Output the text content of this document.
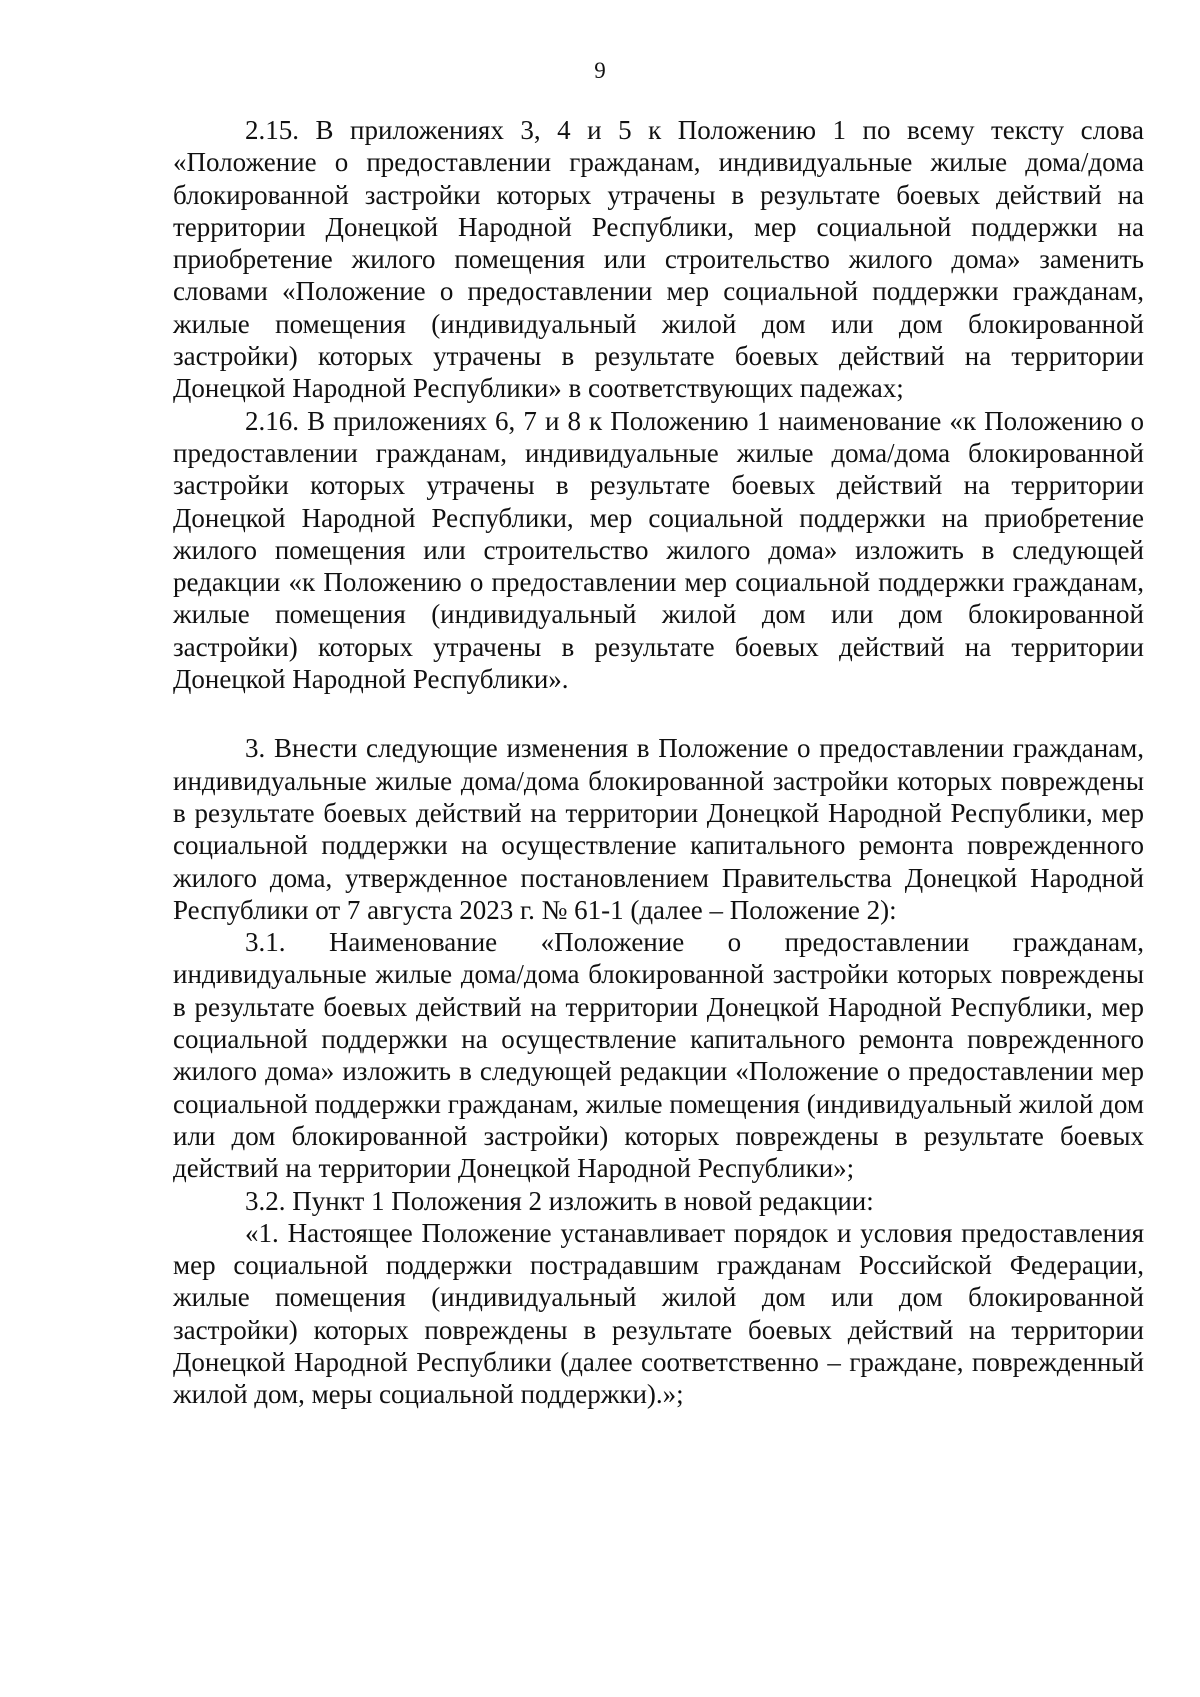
9

2.15. В приложениях 3, 4 и 5 к Положению 1 по всему тексту слова «Положение о предоставлении гражданам, индивидуальные жилые дома/дома блокированной застройки которых утрачены в результате боевых действий на территории Донецкой Народной Республики, мер социальной поддержки на приобретение жилого помещения или строительство жилого дома» заменить словами «Положение о предоставлении мер социальной поддержки гражданам, жилые помещения (индивидуальный жилой дом или дом блокированной застройки) которых утрачены в результате боевых действий на территории Донецкой Народной Республики» в соответствующих падежах;

2.16. В приложениях 6, 7 и 8 к Положению 1 наименование «к Положению о предоставлении гражданам, индивидуальные жилые дома/дома блокированной застройки которых утрачены в результате боевых действий на территории Донецкой Народной Республики, мер социальной поддержки на приобретение жилого помещения или строительство жилого дома» изложить в следующей редакции «к Положению о предоставлении мер социальной поддержки гражданам, жилые помещения (индивидуальный жилой дом или дом блокированной застройки) которых утрачены в результате боевых действий на территории Донецкой Народной Республики».

3. Внести следующие изменения в Положение о предоставлении гражданам, индивидуальные жилые дома/дома блокированной застройки которых повреждены в результате боевых действий на территории Донецкой Народной Республики, мер социальной поддержки на осуществление капитального ремонта поврежденного жилого дома, утвержденное постановлением Правительства Донецкой Народной Республики от 7 августа 2023 г. № 61-1 (далее – Положение 2):

3.1. Наименование «Положение о предоставлении гражданам, индивидуальные жилые дома/дома блокированной застройки которых повреждены в результате боевых действий на территории Донецкой Народной Республики, мер социальной поддержки на осуществление капитального ремонта поврежденного жилого дома» изложить в следующей редакции «Положение о предоставлении мер социальной поддержки гражданам, жилые помещения (индивидуальный жилой дом или дом блокированной застройки) которых повреждены в результате боевых действий на территории Донецкой Народной Республики»;

3.2. Пункт 1 Положения 2 изложить в новой редакции:

«1. Настоящее Положение устанавливает порядок и условия предоставления мер социальной поддержки пострадавшим гражданам Российской Федерации, жилые помещения (индивидуальный жилой дом или дом блокированной застройки) которых повреждены в результате боевых действий на территории Донецкой Народной Республики (далее соответственно – граждане, поврежденный жилой дом, меры социальной поддержки).»;
